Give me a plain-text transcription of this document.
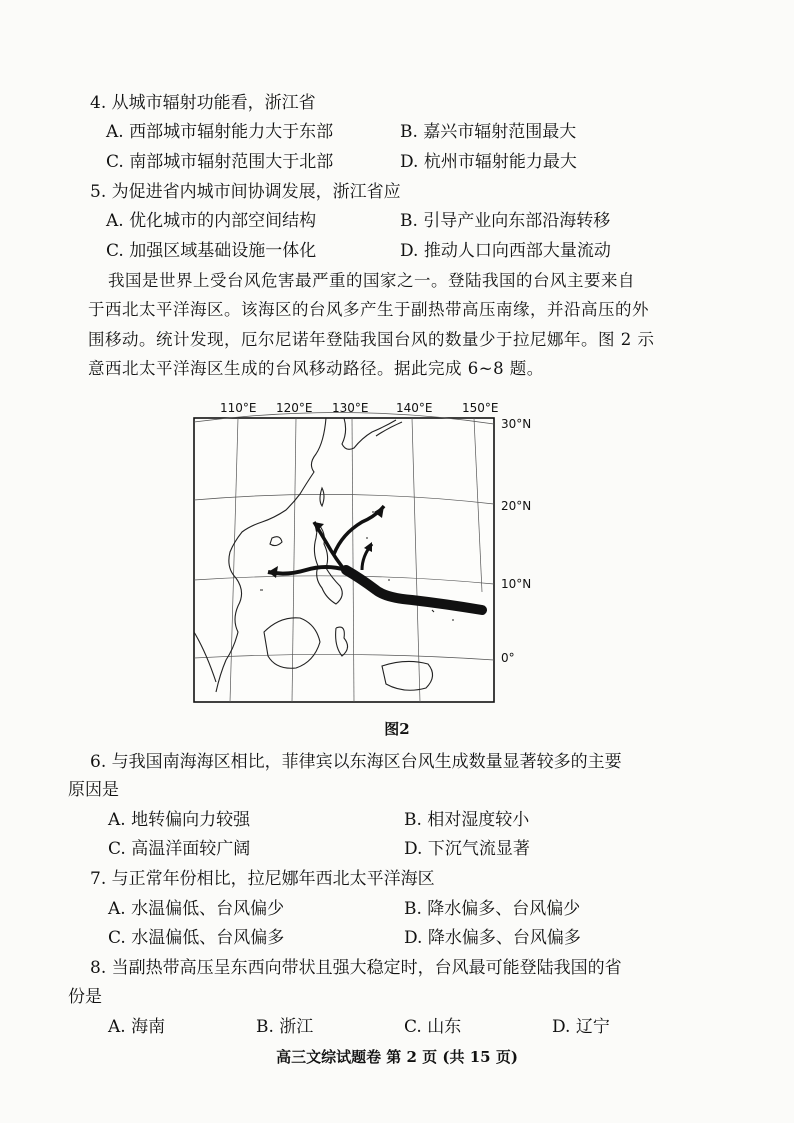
4. 从城市辐射功能看，浙江省
A. 西部城市辐射能力大于东部	B. 嘉兴市辐射范围最大
C. 南部城市辐射范围大于北部	D. 杭州市辐射能力最大
5. 为促进省内城市间协调发展，浙江省应
A. 优化城市的内部空间结构	B. 引导产业向东部沿海转移
C. 加强区域基础设施一体化	D. 推动人口向西部大量流动
我国是世界上受台风危害最严重的国家之一。登陆我国的台风主要来自
于西北太平洋海区。该海区的台风多产生于副热带高压南缘，并沿高压的外
围移动。统计发现，厄尔尼诺年登陆我国台风的数量少于拉尼娜年。图 2 示
意西北太平洋海区生成的台风移动路径。据此完成 6~8 题。
110°E 120°E 130°E 140°E 150°E
30°N
20°N
10°N
0°
图2
6. 与我国南海海区相比，菲律宾以东海区台风生成数量显著较多的主要
原因是
A. 地转偏向力较强	B. 相对湿度较小
C. 高温洋面较广阔	D. 下沉气流显著
7. 与正常年份相比，拉尼娜年西北太平洋海区
A. 水温偏低、台风偏少	B. 降水偏多、台风偏少
C. 水温偏低、台风偏多	D. 降水偏多、台风偏多
8. 当副热带高压呈东西向带状且强大稳定时，台风最可能登陆我国的省
份是
A. 海南	B. 浙江	C. 山东	D. 辽宁
高三文综试题卷 第 2 页 (共 15 页)
